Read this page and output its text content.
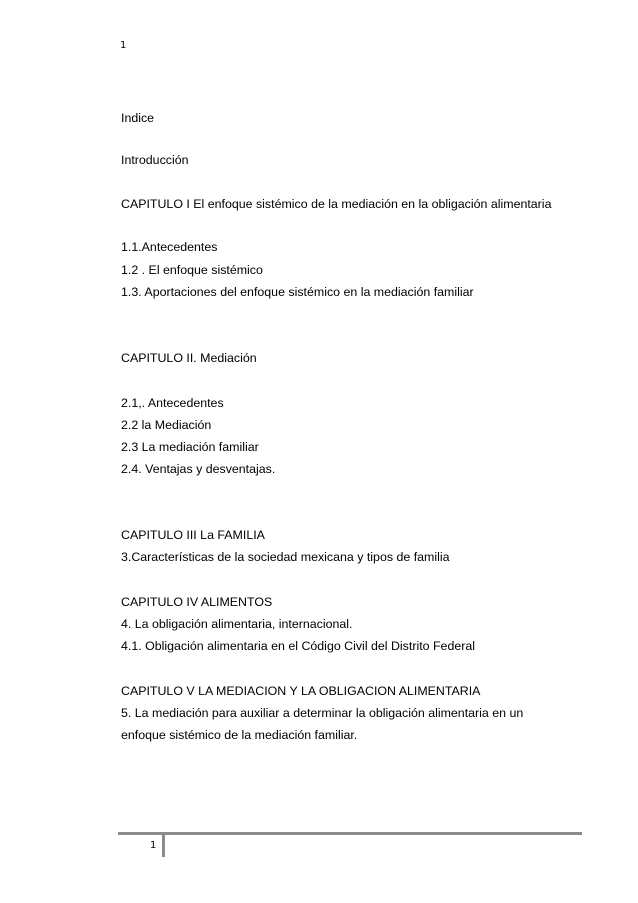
1
Indice
Introducción
CAPITULO I El enfoque sistémico de la mediación en la obligación alimentaria
1.1.Antecedentes
1.2 . El enfoque sistémico
1.3. Aportaciones del enfoque sistémico en la mediación familiar
CAPITULO II. Mediación
2.1,. Antecedentes
2.2 la Mediación
2.3 La mediación familiar
2.4. Ventajas y desventajas.
CAPITULO III La FAMILIA
3.Características de la sociedad mexicana y tipos de familia
CAPITULO IV ALIMENTOS
4. La obligación alimentaria, internacional.
4.1. Obligación alimentaria en el Código Civil del Distrito Federal
CAPITULO V LA MEDIACION Y LA OBLIGACION ALIMENTARIA
5. La mediación para auxiliar a determinar la obligación alimentaria en un
enfoque sistémico de la mediación familiar.
1
